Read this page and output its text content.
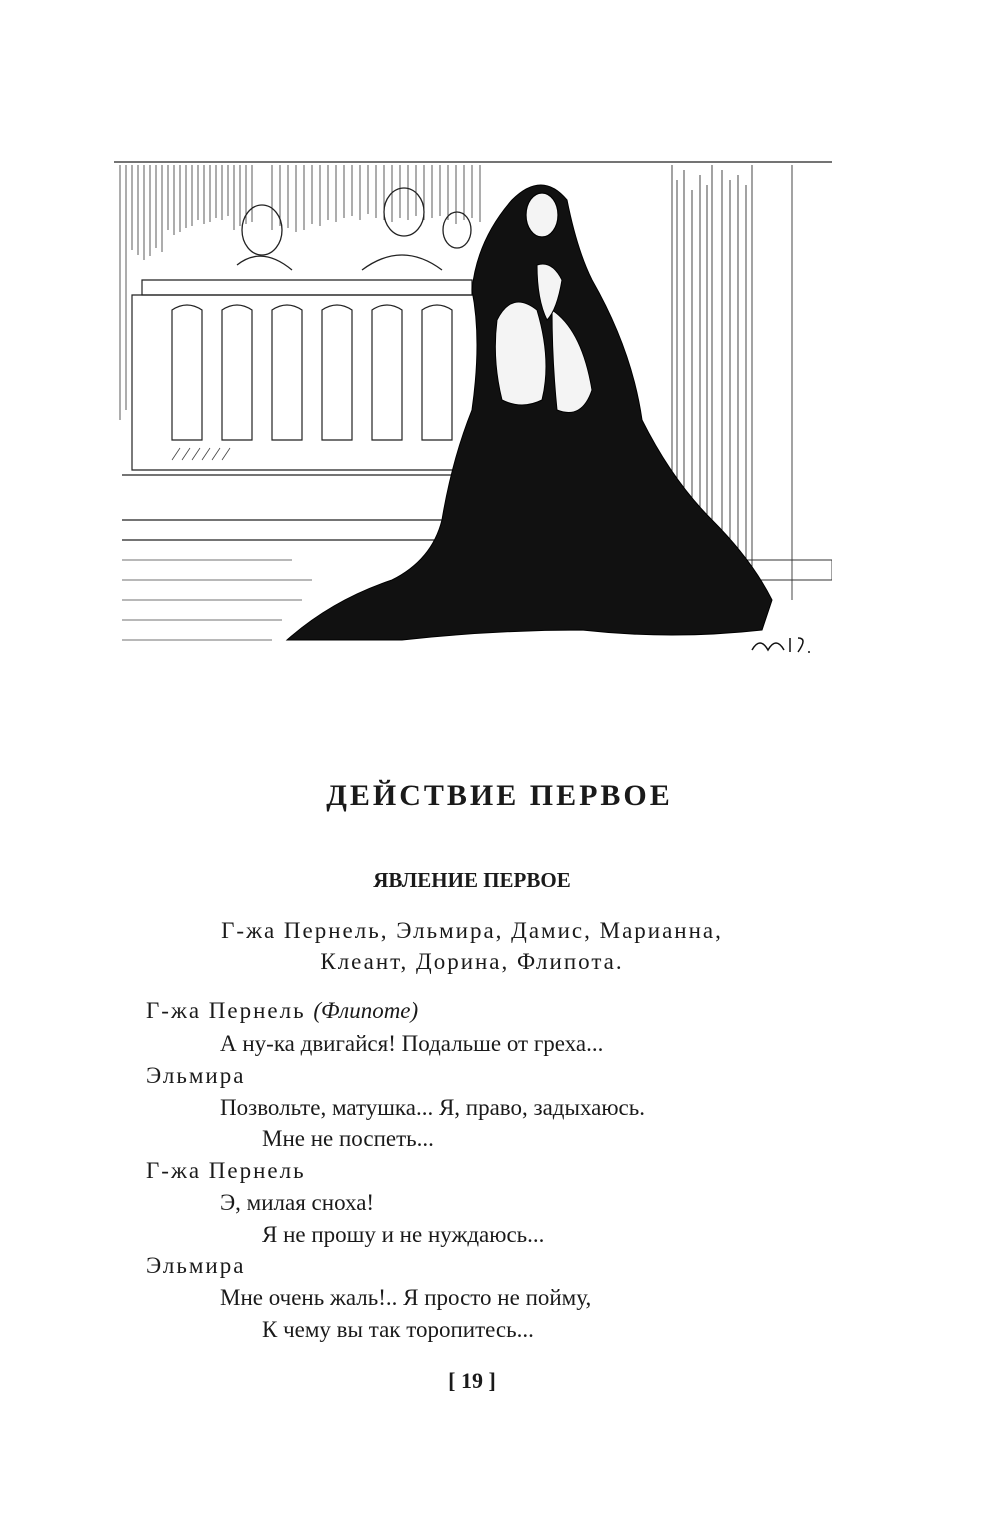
ДЕЙСТВИЕ ПЕРВОЕ
ЯВЛЕНИЕ ПЕРВОЕ
Г-жа Пернель, Эльмира, Дамис, Марианна,
Клеант, Дорина, Флипота.
Г-жа Пернель (Флипоте)
А ну-ка двигайся! Подальше от греха...
Эльмира
Позвольте, матушка... Я, право, задыхаюсь.
Мне не поспеть...
Г-жа Пернель
Э, милая сноха!
Я не прошу и не нуждаюсь...
Эльмира
Мне очень жаль!.. Я просто не пойму,
К чему вы так торопитесь...
[ 19 ]
